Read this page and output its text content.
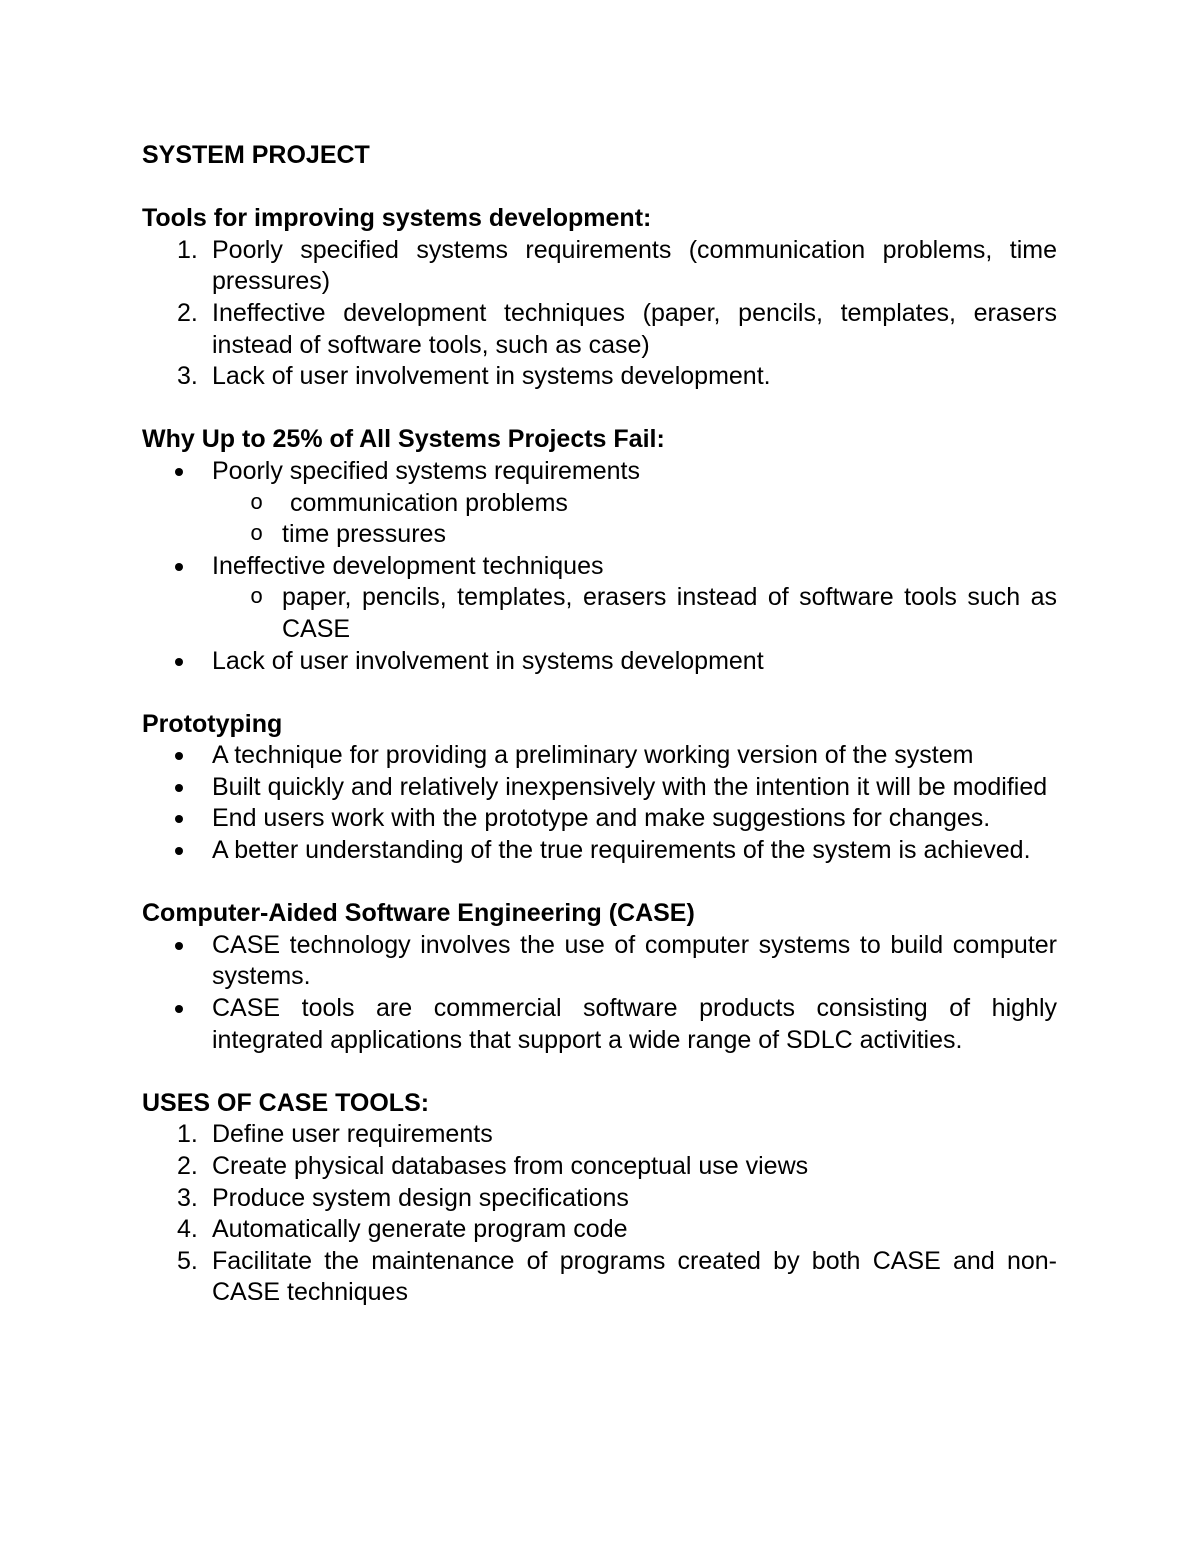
SYSTEM PROJECT
Tools for improving systems development:
1. Poorly specified systems requirements (communication problems, time pressures)
2. Ineffective development techniques (paper, pencils, templates, erasers instead of software tools, such as case)
3. Lack of user involvement in systems development.
Why Up to 25% of All Systems Projects Fail:
Poorly specified systems requirements
o communication problems
o time pressures
Ineffective development techniques
o paper, pencils, templates, erasers instead of software tools such as CASE
Lack of user involvement in systems development
Prototyping
A technique for providing a preliminary working version of the system
Built quickly and relatively inexpensively with the intention it will be modified
End users work with the prototype and make suggestions for changes.
A better understanding of the true requirements of the system is achieved.
Computer-Aided Software Engineering (CASE)
CASE technology involves the use of computer systems to build computer systems.
CASE tools are commercial software products consisting of highly integrated applications that support a wide range of SDLC activities.
USES OF CASE TOOLS:
1. Define user requirements
2. Create physical databases from conceptual use views
3. Produce system design specifications
4. Automatically generate program code
5. Facilitate the maintenance of programs created by both CASE and non-CASE techniques
